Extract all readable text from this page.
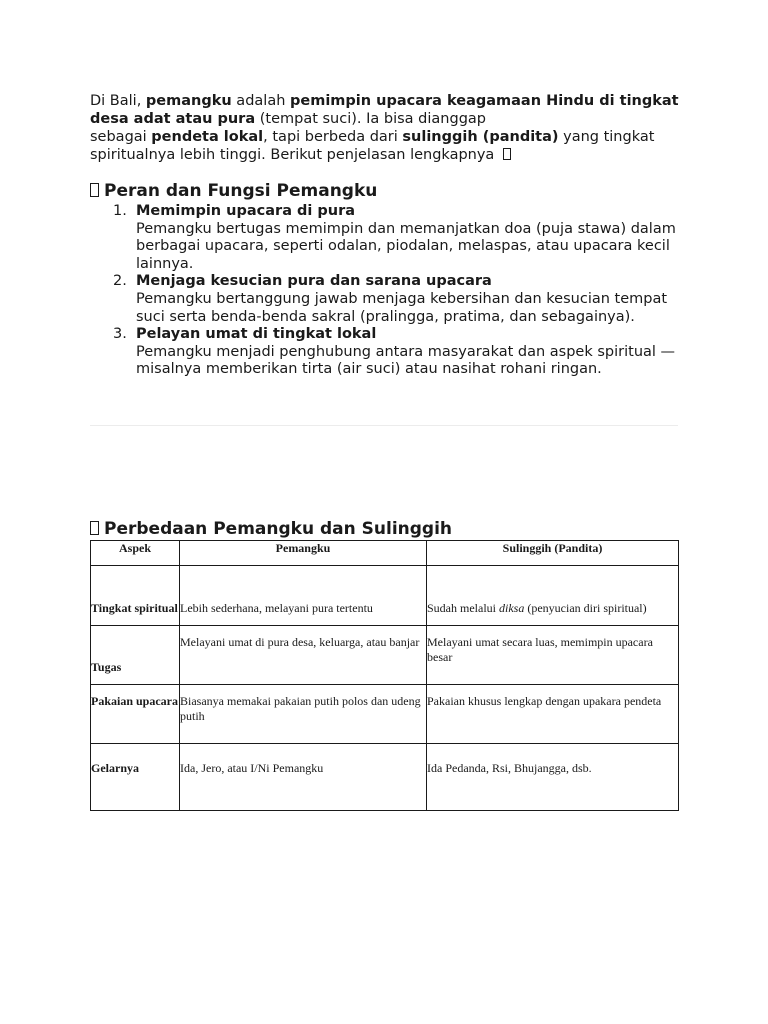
Di Bali, pemangku adalah pemimpin upacara keagamaan Hindu di tingkat desa adat atau pura (tempat suci). Ia bisa dianggap
sebagai pendeta lokal, tapi berbeda dari sulinggih (pandita) yang tingkat spiritualnya lebih tinggi. Berikut penjelasan lengkapnya

Peran dan Fungsi Pemangku
1. Memimpin upacara di pura
Pemangku bertugas memimpin dan memanjatkan doa (puja stawa) dalam berbagai upacara, seperti odalan, piodalan, melaspas, atau upacara kecil lainnya.
2. Menjaga kesucian pura dan sarana upacara
Pemangku bertanggung jawab menjaga kebersihan dan kesucian tempat suci serta benda-benda sakral (pralingga, pratima, dan sebagainya).
3. Pelayan umat di tingkat lokal
Pemangku menjadi penghubung antara masyarakat dan aspek spiritual — misalnya memberikan tirta (air suci) atau nasihat rohani ringan.
Perbedaan Pemangku dan Sulinggih
Aspek	Pemangku	Sulinggih (Pandita)
Tingkat spiritual	Lebih sederhana, melayani pura tertentu	Sudah melalui diksa (penyucian diri spiritual)
Tugas	Melayani umat di pura desa, keluarga, atau banjar	Melayani umat secara luas, memimpin upacara besar
Pakaian upacara	Biasanya memakai pakaian putih polos dan udeng putih	Pakaian khusus lengkap dengan upakara pendeta
Gelarnya	Ida, Jero, atau I/Ni Pemangku	Ida Pedanda, Rsi, Bhujangga, dsb.
